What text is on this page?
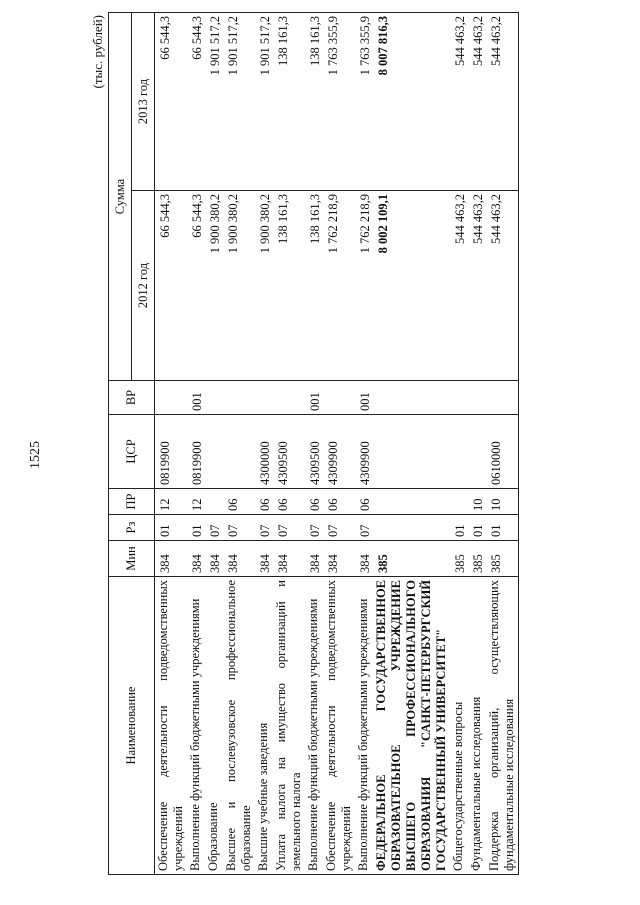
1525
(тыс. рублей)
Наименование	Мин	Рз	ПР	ЦСР	ВР	Сумма	
						2012 год	2013 год
Обеспечение деятельности подведомственных учреждений	384	01	12	0819900		66 544,3	66 544,3
Выполнение функций бюджетными учреждениями	384	01	12	0819900	001	66 544,3	66 544,3
Образование	384	07				1 900 380,2	1 901 517,2
Высшее и послевузовское профессиональное образование	384	07	06			1 900 380,2	1 901 517,2
Высшие учебные заведения	384	07	06	4300000		1 900 380,2	1 901 517,2
Уплата налога на имущество организаций и земельного налога	384	07	06	4309500		138 161,3	138 161,3
Выполнение функций бюджетными учреждениями	384	07	06	4309500	001	138 161,3	138 161,3
Обеспечение деятельности подведомственных учреждений	384	07	06	4309900		1 762 218,9	1 763 355,9
Выполнение функций бюджетными учреждениями	384	07	06	4309900	001	1 762 218,9	1 763 355,9
ФЕДЕРАЛЬНОЕ ГОСУДАРСТВЕННОЕ ОБРАЗОВАТЕЛЬНОЕ УЧРЕЖДЕНИЕ ВЫСШЕГО ПРОФЕССИОНАЛЬНОГО ОБРАЗОВАНИЯ "САНКТ-ПЕТЕРБУРГСКИЙ ГОСУДАРСТВЕННЫЙ УНИВЕРСИТЕТ"	385					8 002 109,1	8 007 816,3
Общегосударственные вопросы	385	01				544 463,2	544 463,2
Фундаментальные исследования	385	01	10			544 463,2	544 463,2
Поддержка организаций, осуществляющих фундаментальные исследования	385	01	10	0610000		544 463,2	544 463,2
